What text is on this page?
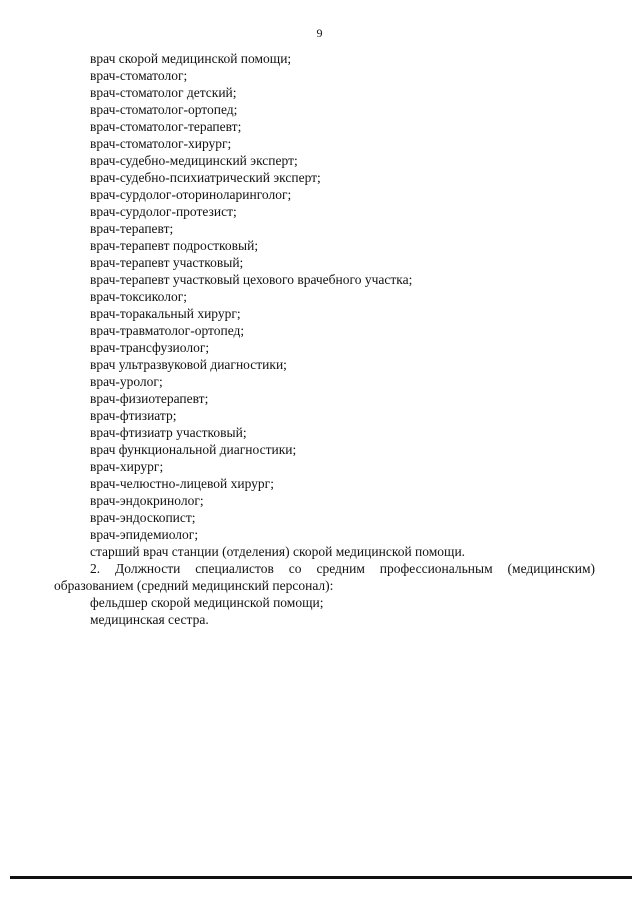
9
врач скорой медицинской помощи;
врач-стоматолог;
врач-стоматолог детский;
врач-стоматолог-ортопед;
врач-стоматолог-терапевт;
врач-стоматолог-хирург;
врач-судебно-медицинский эксперт;
врач-судебно-психиатрический эксперт;
врач-сурдолог-оториноларинголог;
врач-сурдолог-протезист;
врач-терапевт;
врач-терапевт подростковый;
врач-терапевт участковый;
врач-терапевт участковый цехового врачебного участка;
врач-токсиколог;
врач-торакальный хирург;
врач-травматолог-ортопед;
врач-трансфузиолог;
врач ультразвуковой диагностики;
врач-уролог;
врач-физиотерапевт;
врач-фтизиатр;
врач-фтизиатр участковый;
врач функциональной диагностики;
врач-хирург;
врач-челюстно-лицевой хирург;
врач-эндокринолог;
врач-эндоскопист;
врач-эпидемиолог;
старший врач станции (отделения) скорой медицинской помощи.

2. Должности специалистов со средним профессиональным (медицинским) образованием (средний медицинский персонал):

фельдшер скорой медицинской помощи;
медицинская сестра.
